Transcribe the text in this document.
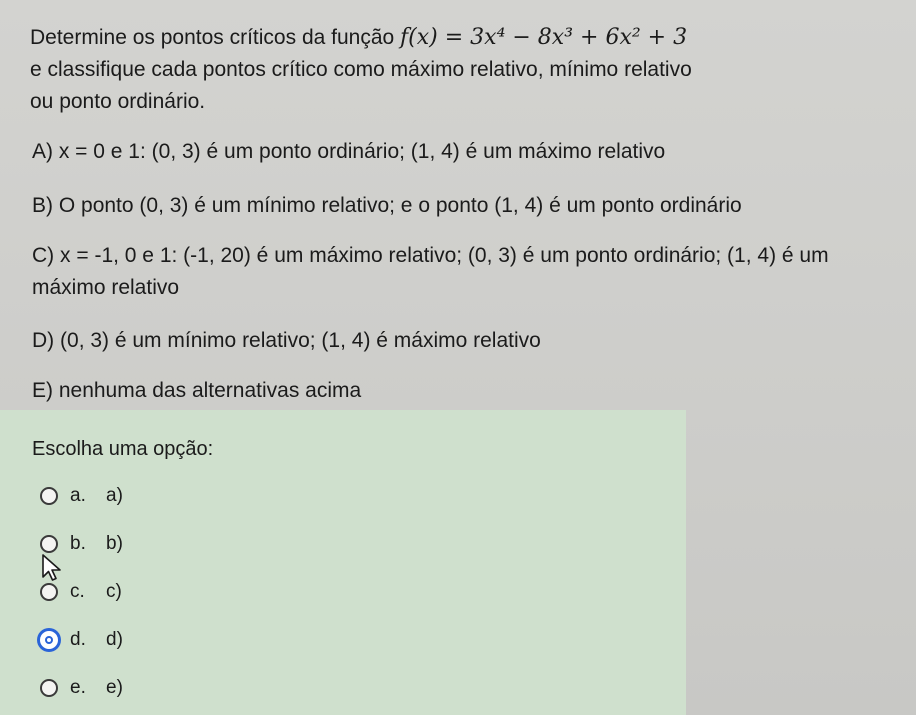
Determine os pontos críticos da função f(x) = 3x⁴ − 8x³ + 6x² + 3
e classifique cada pontos crítico como máximo relativo, mínimo relativo
ou ponto ordinário.
A) x = 0 e 1: (0, 3) é um ponto ordinário; (1, 4) é um máximo relativo
B) O ponto (0, 3) é um mínimo relativo; e o ponto (1, 4) é um ponto ordinário
C) x = -1, 0 e 1: (-1, 20) é um máximo relativo; (0, 3) é um ponto ordinário; (1, 4) é um máximo relativo
D) (0, 3) é um mínimo relativo; (1, 4) é máximo relativo
E) nenhuma das alternativas acima
Escolha uma opção:
a.	a)
b.	b)
c.	c)
d.	d)
e.	e)
